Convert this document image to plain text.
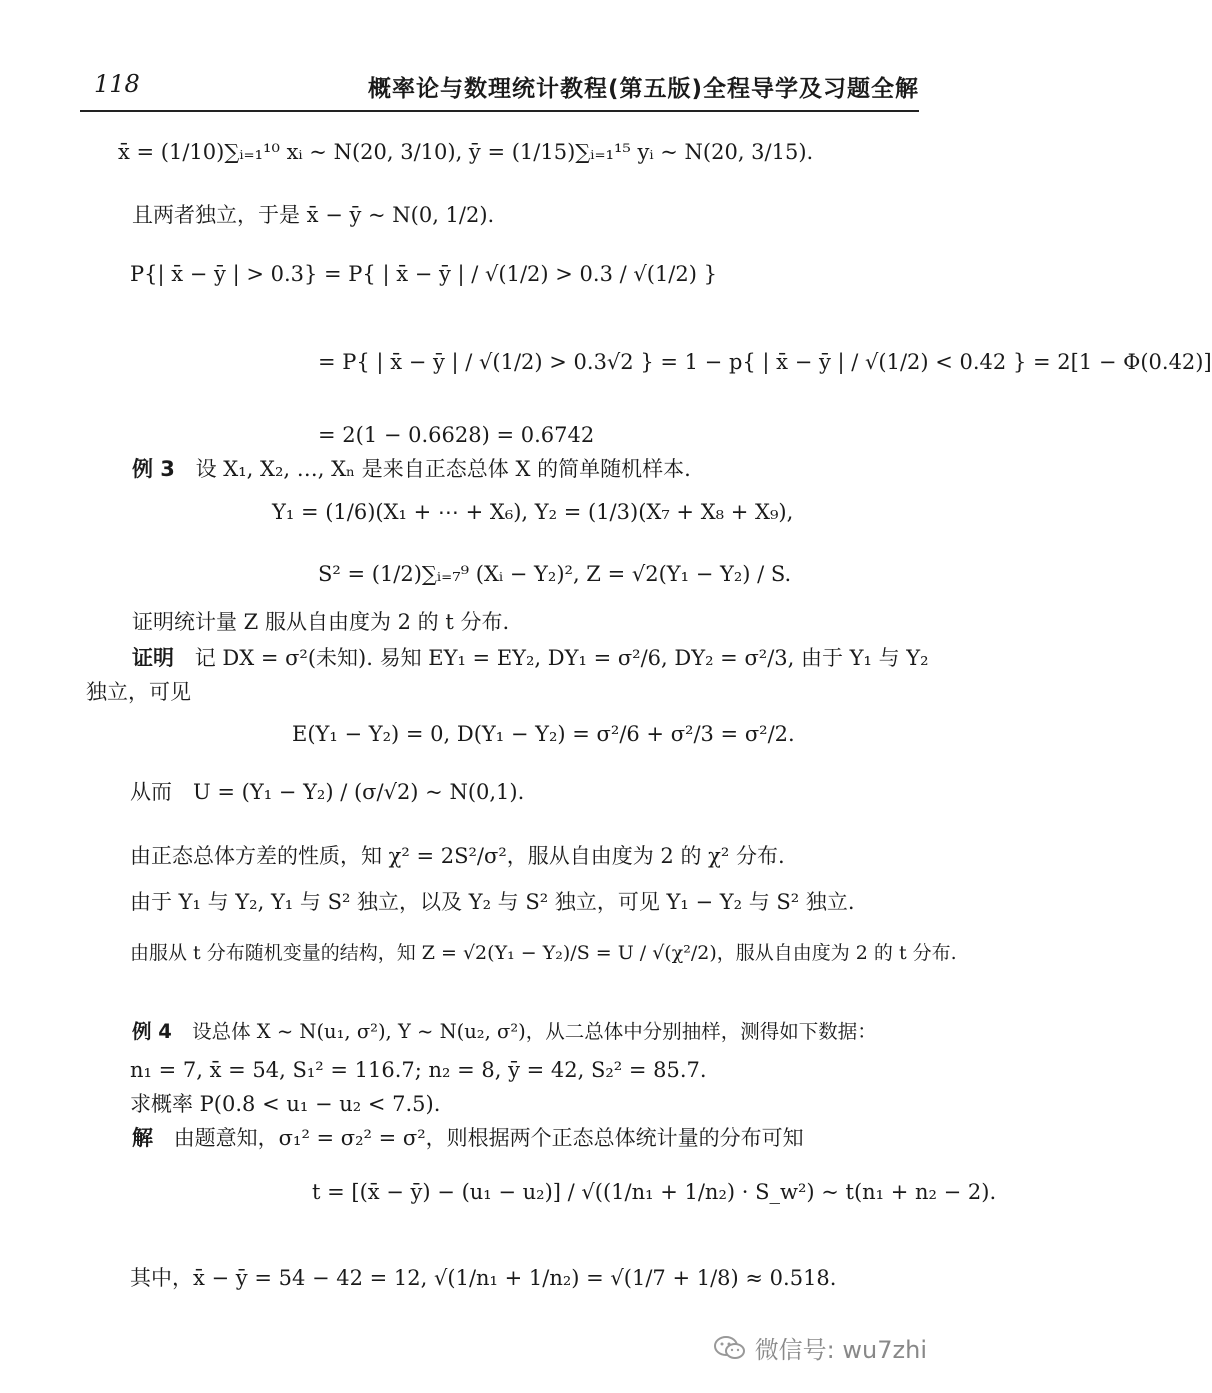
118	概率论与数理统计教程(第五版)全程导学及习题全解
x̄ = (1/10)∑ᵢ₌₁¹⁰ xᵢ ~ N(20, 3/10), ȳ = (1/15)∑ᵢ₌₁¹⁵ yᵢ ~ N(20, 3/15).
且两者独立，于是 x̄ − ȳ ~ N(0, 1/2).
P{| x̄ − ȳ | > 0.3} = P{ | x̄ − ȳ | / √(1/2) > 0.3 / √(1/2) }
= P{ | x̄ − ȳ | / √(1/2) > 0.3√2 } = 1 − p{ | x̄ − ȳ | / √(1/2) < 0.42 } = 2[1 − Φ(0.42)]
= 2(1 − 0.6628) = 0.6742
例 3 设 X₁, X₂, …, Xₙ 是来自正态总体 X 的简单随机样本.
Y₁ = (1/6)(X₁ + ⋯ + X₆), Y₂ = (1/3)(X₇ + X₈ + X₉),
S² = (1/2)∑ᵢ₌₇⁹ (Xᵢ − Y₂)², Z = √2(Y₁ − Y₂) / S.
证明统计量 Z 服从自由度为 2 的 t 分布.
证明 记 DX = σ²(未知). 易知 EY₁ = EY₂, DY₁ = σ²/6, DY₂ = σ²/3, 由于 Y₁ 与 Y₂
独立，可见
E(Y₁ − Y₂) = 0, D(Y₁ − Y₂) = σ²/6 + σ²/3 = σ²/2.
从而　U = (Y₁ − Y₂) / (σ/√2) ~ N(0,1).
由正态总体方差的性质，知 χ² = 2S²/σ²，服从自由度为 2 的 χ² 分布.
由于 Y₁ 与 Y₂, Y₁ 与 S² 独立，以及 Y₂ 与 S² 独立，可见 Y₁ − Y₂ 与 S² 独立.
由服从 t 分布随机变量的结构，知 Z = √2(Y₁ − Y₂)/S = U / √(χ²/2)，服从自由度为 2 的 t 分布.
例 4 设总体 X ~ N(u₁, σ²), Y ~ N(u₂, σ²)，从二总体中分别抽样，测得如下数据：
n₁ = 7, x̄ = 54, S₁² = 116.7; n₂ = 8, ȳ = 42, S₂² = 85.7.
求概率 P(0.8 < u₁ − u₂ < 7.5).
解 由题意知，σ₁² = σ₂² = σ²，则根据两个正态总体统计量的分布可知
t = [(x̄ − ȳ) − (u₁ − u₂)] / √((1/n₁ + 1/n₂) · S_w²) ~ t(n₁ + n₂ − 2).
其中，x̄ − ȳ = 54 − 42 = 12, √(1/n₁ + 1/n₂) = √(1/7 + 1/8) ≈ 0.518.
微信号: wu7zhi
